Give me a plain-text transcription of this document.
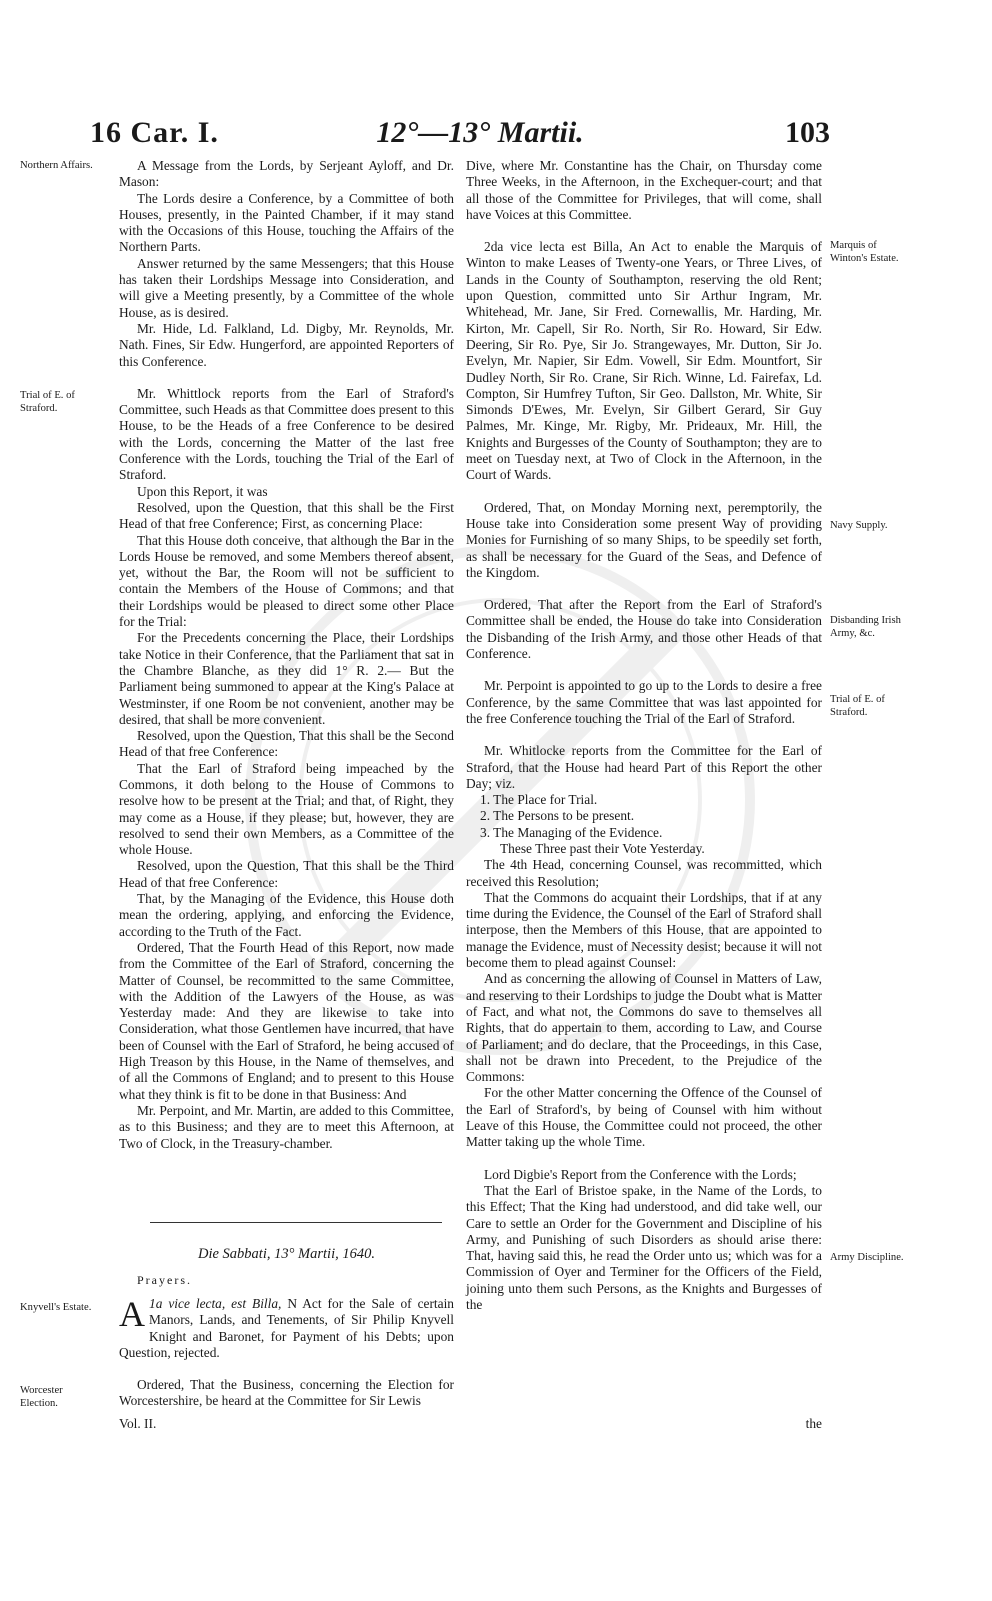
16 Car. I.	12°—13° Martii.	103
Northern Affairs.
Trial of E. of Straford.
Knyvell's Estate.
Worcester Election.
Marquis of Winton's Estate.
Navy Supply.
Disbanding Irish Army, &c.
Trial of E. of Straford.
Army Discipline.

A Message from the Lords, by Serjeant Ayloff, and Dr. Mason:

The Lords desire a Conference, by a Committee of both Houses, presently, in the Painted Chamber, if it may stand with the Occasions of this House, touching the Affairs of the Northern Parts.

Answer returned by the same Messengers; that this House has taken their Lordships Message into Consideration, and will give a Meeting presently, by a Committee of the whole House, as is desired.

Mr. Hide, Ld. Falkland, Ld. Digby, Mr. Reynolds, Mr. Nath. Fines, Sir Edw. Hungerford, are appointed Reporters of this Conference.

Mr. Whittlock reports from the Earl of Straford's Committee, such Heads as that Committee does present to this House, to be the Heads of a free Conference to be desired with the Lords, concerning the Matter of the last free Conference with the Lords, touching the Trial of the Earl of Straford.

Upon this Report, it was

Resolved, upon the Question, that this shall be the First Head of that free Conference; First, as concerning Place:

That this House doth conceive, that although the Bar in the Lords House be removed, and some Members thereof absent, yet, without the Bar, the Room will not be sufficient to contain the Members of the House of Commons; and that their Lordships would be pleased to direct some other Place for the Trial:

For the Precedents concerning the Place, their Lordships take Notice in their Conference, that the Parliament that sat in the Chambre Blanche, as they did 1° R. 2.— But the Parliament being summoned to appear at the King's Palace at Westminster, if one Room be not convenient, another may be desired, that shall be more convenient.

Resolved, upon the Question, That this shall be the Second Head of that free Conference:

That the Earl of Straford being impeached by the Commons, it doth belong to the House of Commons to resolve how to be present at the Trial; and that, of Right, they may come as a House, if they please; but, however, they are resolved to send their own Members, as a Committee of the whole House.

Resolved, upon the Question, That this shall be the Third Head of that free Conference:

That, by the Managing of the Evidence, this House doth mean the ordering, applying, and enforcing the Evidence, according to the Truth of the Fact.

Ordered, That the Fourth Head of this Report, now made from the Committee of the Earl of Straford, concerning the Matter of Counsel, be recommitted to the same Committee, with the Addition of the Lawyers of the House, as was Yesterday made: And they are likewise to take into Consideration, what those Gentlemen have incurred, that have been of Counsel with the Earl of Straford, he being accused of High Treason by this House, in the Name of themselves, and of all the Commons of England; and to present to this House what they think is fit to be done in that Business: And

Mr. Perpoint, and Mr. Martin, are added to this Committee, as to this Business; and they are to meet this Afternoon, at Two of Clock, in the Treasury-chamber.

Die Sabbati, 13° Martii, 1640.
Prayers.

1a vice lecta, est Billa,
A	N Act for the Sale of certain Manors, Lands, and Tenements, of Sir Philip Knyvell Knight and Baronet, for Payment of his Debts; upon Question, rejected.

Ordered, That the Business, concerning the Election for Worcestershire, be heard at the Committee for Sir Lewis

Vol. II.

Dive, where Mr. Constantine has the Chair, on Thursday come Three Weeks, in the Afternoon, in the Exchequer-court; and that all those of the Committee for Privileges, that will come, shall have Voices at this Committee.

2da vice lecta est Billa, An Act to enable the Marquis of Winton to make Leases of Twenty-one Years, or Three Lives, of Lands in the County of Southampton, reserving the old Rent; upon Question, committed unto Sir Arthur Ingram, Mr. Whitehead, Mr. Jane, Sir Fred. Cornewallis, Mr. Harding, Mr. Kirton, Mr. Capell, Sir Ro. North, Sir Ro. Howard, Sir Edw. Deering, Sir Ro. Pye, Sir Jo. Strangewayes, Mr. Dutton, Sir Jo. Evelyn, Mr. Napier, Sir Edm. Vowell, Sir Edm. Mountfort, Sir Dudley North, Sir Ro. Crane, Sir Rich. Winne, Ld. Fairefax, Ld. Compton, Sir Humfrey Tufton, Sir Geo. Dallston, Mr. White, Sir Simonds D'Ewes, Mr. Evelyn, Sir Gilbert Gerard, Sir Guy Palmes, Mr. Kinge, Mr. Rigby, Mr. Prideaux, Mr. Hill, the Knights and Burgesses of the County of Southampton; they are to meet on Tuesday next, at Two of Clock in the Afternoon, in the Court of Wards.

Ordered, That, on Monday Morning next, peremptorily, the House take into Consideration some present Way of providing Monies for Furnishing of so many Ships, to be speedily set forth, as shall be necessary for the Guard of the Seas, and Defence of the Kingdom.

Ordered, That after the Report from the Earl of Straford's Committee shall be ended, the House do take into Consideration the Disbanding of the Irish Army, and those other Heads of that Conference.

Mr. Perpoint is appointed to go up to the Lords to desire a free Conference, by the same Committee that was last appointed for the free Conference touching the Trial of the Earl of Straford.

Mr. Whitlocke reports from the Committee for the Earl of Straford, that the House had heard Part of this Report the other Day; viz.

1. The Place for Trial.

2. The Persons to be present.

3. The Managing of the Evidence.

These Three past their Vote Yesterday.

The 4th Head, concerning Counsel, was recommitted, which received this Resolution;

That the Commons do acquaint their Lordships, that if at any time during the Evidence, the Counsel of the Earl of Straford shall interpose, then the Members of this House, that are appointed to manage the Evidence, must of Necessity desist; because it will not become them to plead against Counsel:

And as concerning the allowing of Counsel in Matters of Law, and reserving to their Lordships to judge the Doubt what is Matter of Fact, and what not, the Commons do save to themselves all Rights, that do appertain to them, according to Law, and Course of Parliament; and do declare, that the Proceedings, in this Case, shall not be drawn into Precedent, to the Prejudice of the Commons:

For the other Matter concerning the Offence of the Counsel of the Earl of Straford's, by being of Counsel with him without Leave of this House, the Committee could not proceed, the other Matter taking up the whole Time.

Lord Digbie's Report from the Conference with the Lords;

That the Earl of Bristoe spake, in the Name of the Lords, to this Effect; That the King had understood, and did take well, our Care to settle an Order for the Government and Discipline of his Army, and Punishing of such Disorders as should arise there: That, having said this, he read the Order unto us; which was for a Commission of Oyer and Terminer for the Officers of the Field, joining unto them such Persons, as the Knights and Burgesses of the

the
